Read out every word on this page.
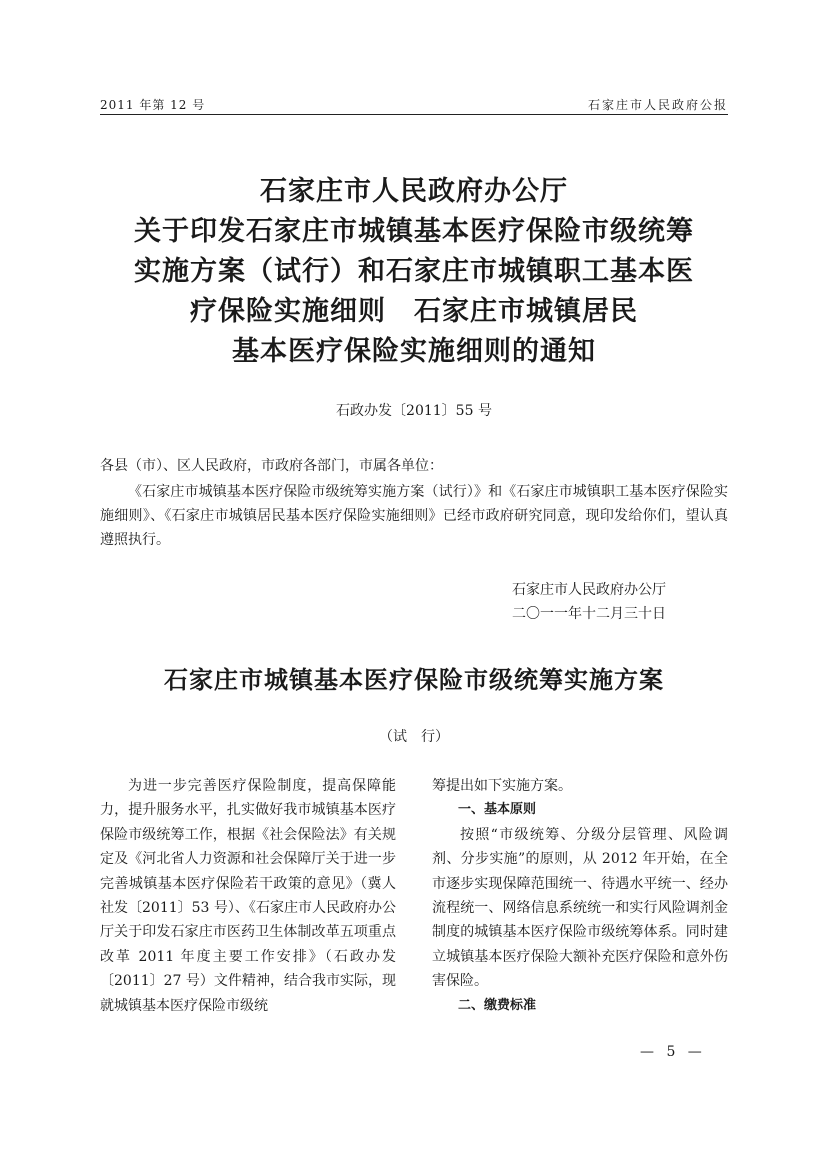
2011 年第 12 号	石家庄市人民政府公报
石家庄市人民政府办公厅
关于印发石家庄市城镇基本医疗保险市级统筹
实施方案（试行）和石家庄市城镇职工基本医
疗保险实施细则　石家庄市城镇居民
基本医疗保险实施细则的通知
石政办发〔2011〕55 号
各县（市）、区人民政府，市政府各部门，市属各单位：
《石家庄市城镇基本医疗保险市级统筹实施方案（试行）》和《石家庄市城镇职工基本医疗保险实施细则》、《石家庄市城镇居民基本医疗保险实施细则》已经市政府研究同意，现印发给你们，望认真遵照执行。
石家庄市人民政府办公厅
二〇一一年十二月三十日
石家庄市城镇基本医疗保险市级统筹实施方案
（试　行）

为进一步完善医疗保险制度，提高保障能力，提升服务水平，扎实做好我市城镇基本医疗保险市级统筹工作，根据《社会保险法》有关规定及《河北省人力资源和社会保障厅关于进一步完善城镇基本医疗保险若干政策的意见》（冀人社发〔2011〕53 号）、《石家庄市人民政府办公厅关于印发石家庄市医药卫生体制改革五项重点改革 2011 年度主要工作安排》（石政办发〔2011〕27 号）文件精神，结合我市实际，现就城镇基本医疗保险市级统

筹提出如下实施方案。

一、基本原则

按照“市级统筹、分级分层管理、风险调剂、分步实施”的原则，从 2012 年开始，在全市逐步实现保障范围统一、待遇水平统一、经办流程统一、网络信息系统统一和实行风险调剂金制度的城镇基本医疗保险市级统筹体系。同时建立城镇基本医疗保险大额补充医疗保险和意外伤害保险。

二、缴费标准

— 5 —
